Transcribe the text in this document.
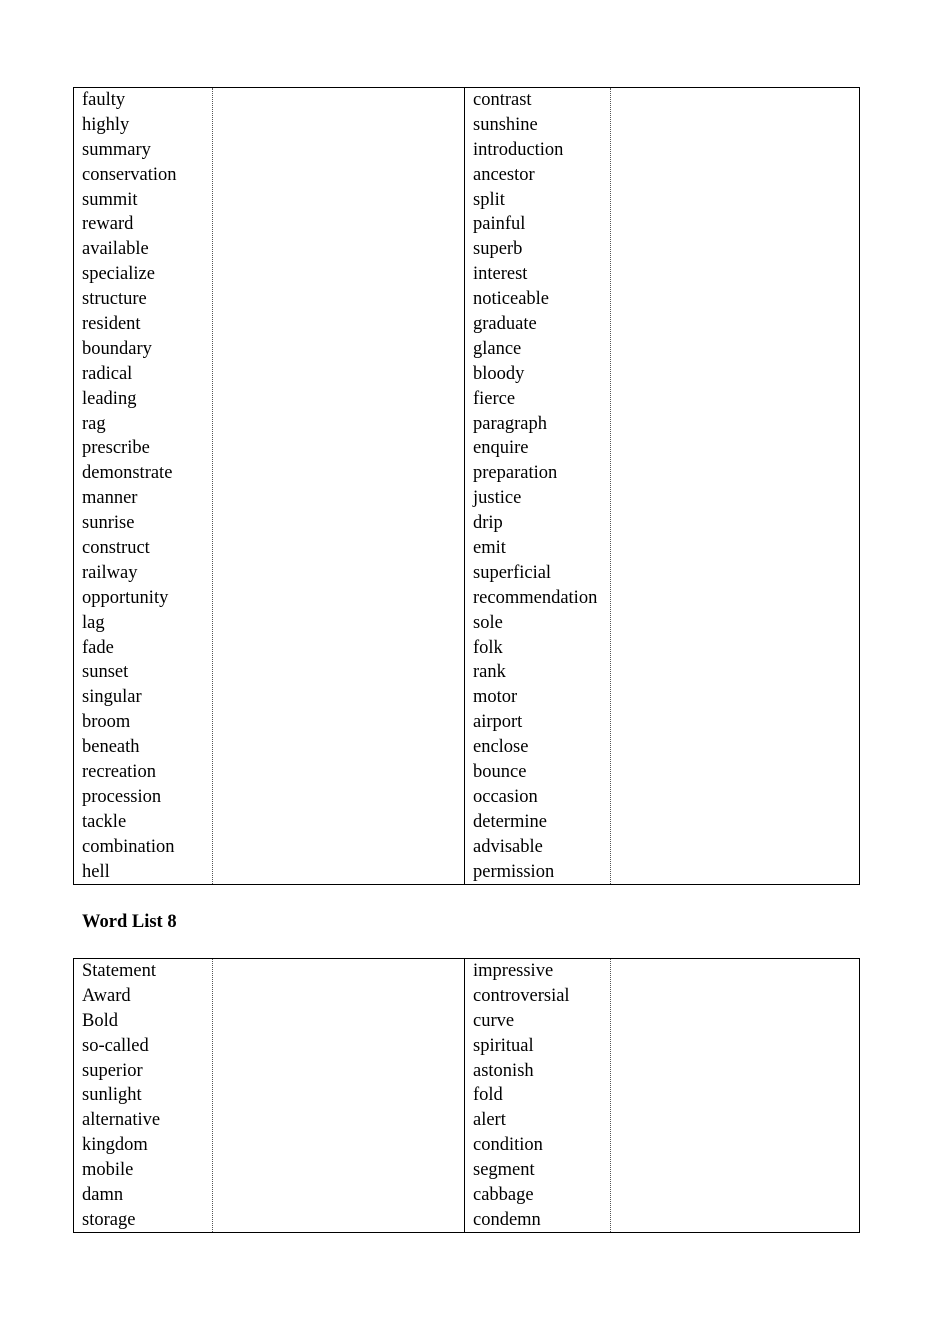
faulty
highly
summary
conservation
summit
reward
available
specialize
structure
resident
boundary
radical
leading
rag
prescribe
demonstrate
manner
sunrise
construct
railway
opportunity
lag
fade
sunset
singular
broom
beneath
recreation
procession
tackle
combination
hell
contrast
sunshine
introduction
ancestor
split
painful
superb
interest
noticeable
graduate
glance
bloody
fierce
paragraph
enquire
preparation
justice
drip
emit
superficial
recommendation
sole
folk
rank
motor
airport
enclose
bounce
occasion
determine
advisable
permission
Word List 8
Statement
Award
Bold
so-called
superior
sunlight
alternative
kingdom
mobile
damn
storage
impressive
controversial
curve
spiritual
astonish
fold
alert
condition
segment
cabbage
condemn
